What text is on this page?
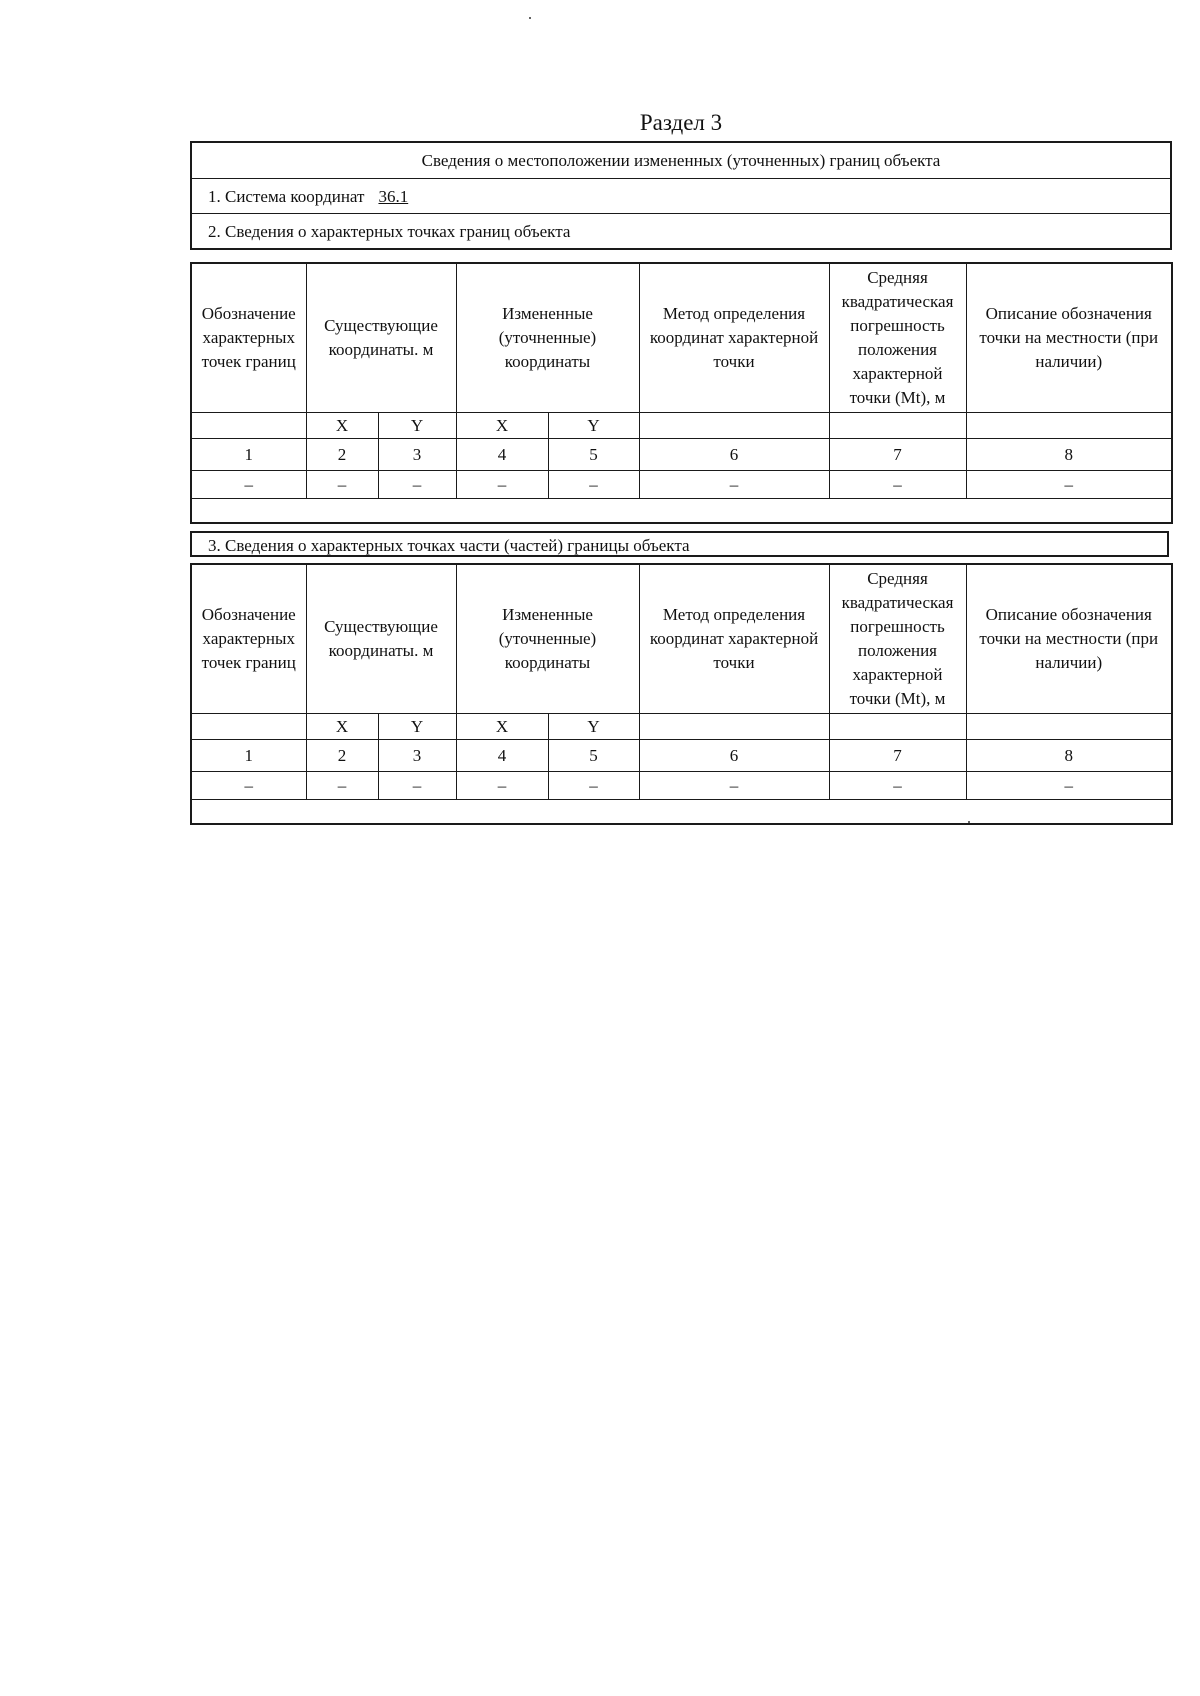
Раздел 3
Сведения о местоположении измененных (уточненных) границ объекта
1. Система координат 36.1
2. Сведения о характерных точках границ объекта
Обозначение характерных точек границ	Существующие координаты. м		Измененные (уточненные) координаты		Метод определения координат характерной точки	Средняя квадратическая погрешность положения характерной точки (Mt), м	Описание обозначения точки на местности (при наличии)
	X	Y	X	Y			
1	2	3	4	5	6	7	8
–	–	–	–	–	–	–	–

3. Сведения о характерных точках части (частей) границы объекта
Обозначение характерных точек границ	Существующие координаты. м		Измененные (уточненные) координаты		Метод определения координат характерной точки	Средняя квадратическая погрешность положения характерной точки (Mt), м	Описание обозначения точки на местности (при наличии)
	X	Y	X	Y			
1	2	3	4	5	6	7	8
–	–	–	–	–	–	–	–
